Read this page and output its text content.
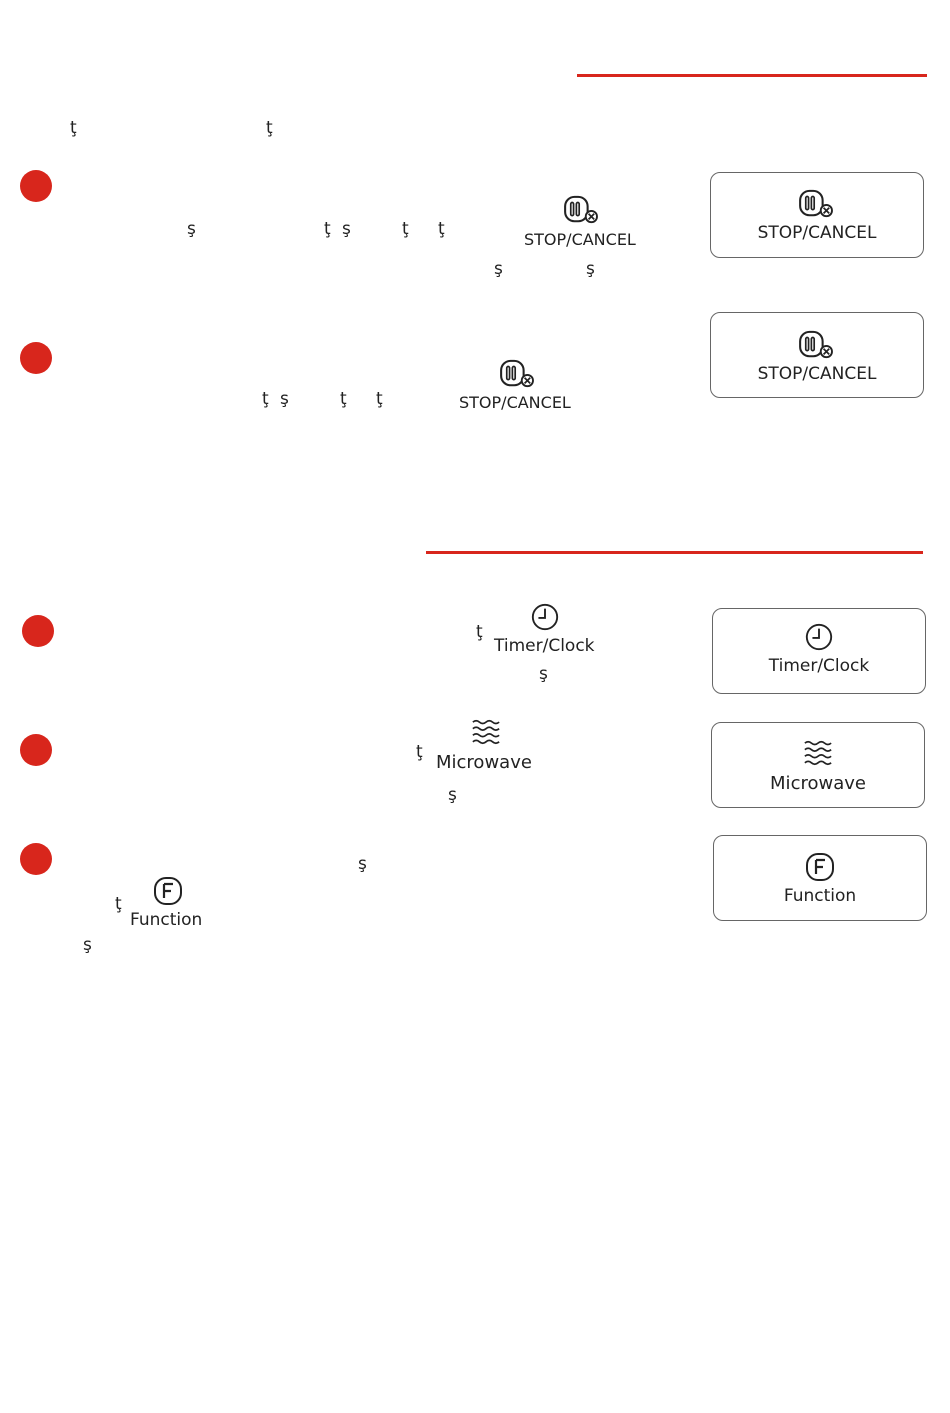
ţ	ţ
ş	ţ ş	ţ ţ
ş	ş
STOP/CANCEL	STOP/CANCEL
ţ ş	ţ ţ	STOP/CANCEL
STOP/CANCEL
ţ
ş
Timer/Clock
Timer/Clock
ţ
ş
Microwave
Microwave
ş
ţ
ş
Function
Function
